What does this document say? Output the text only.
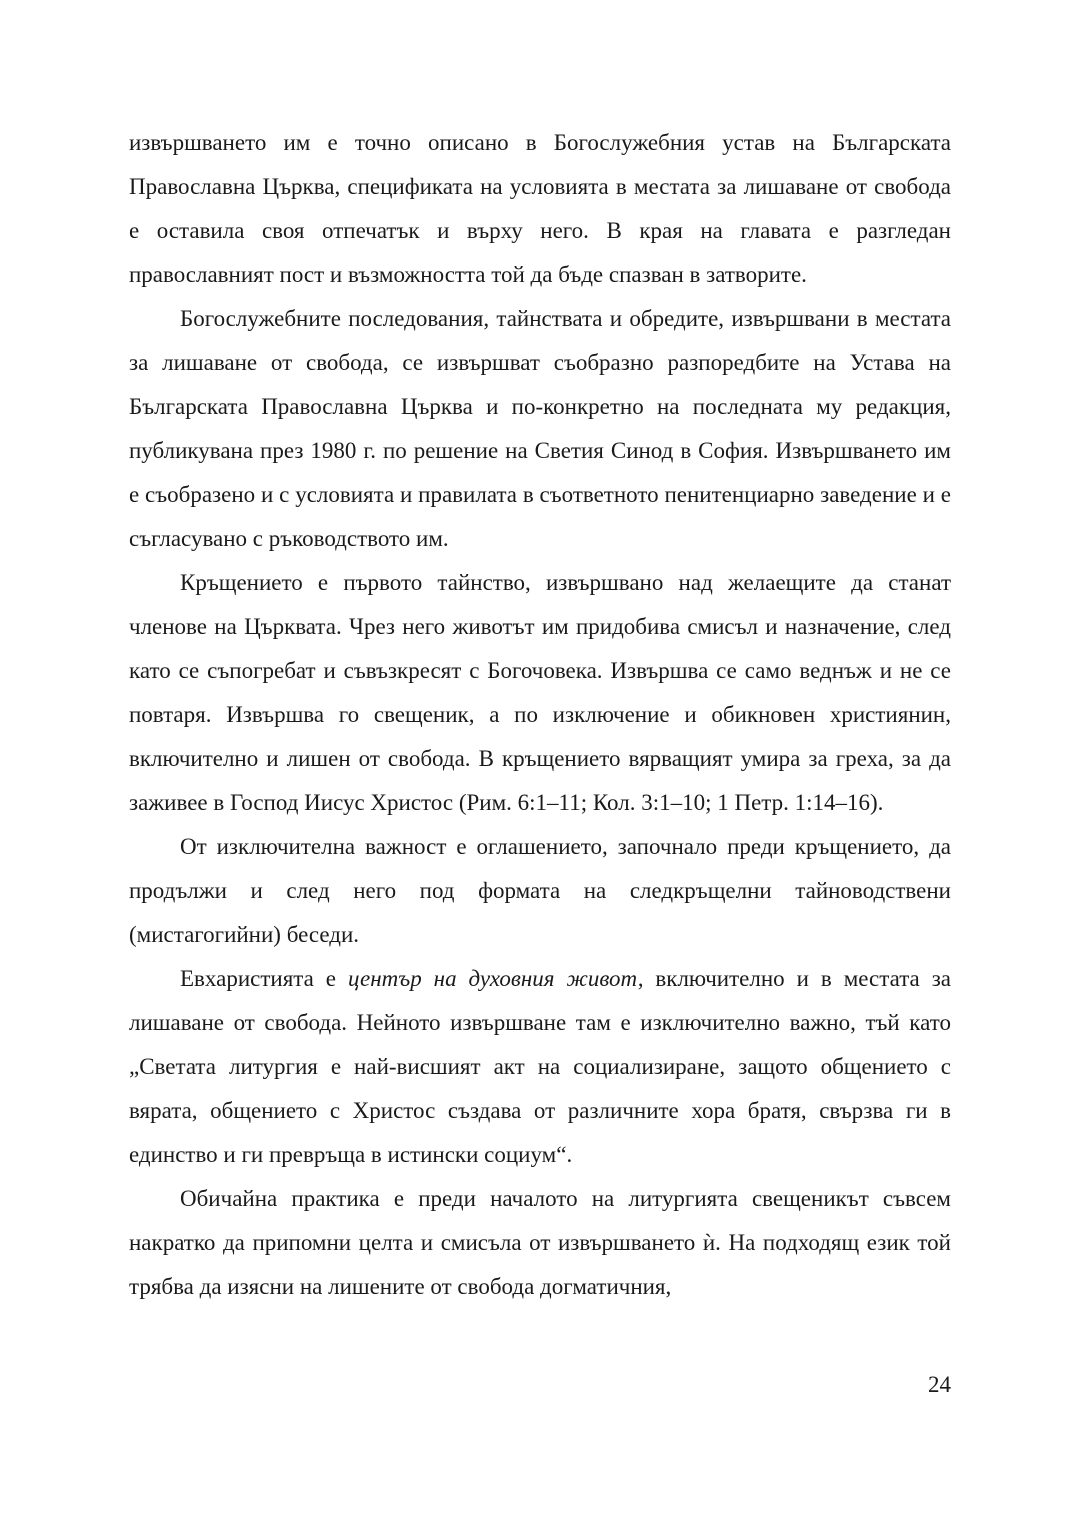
извършването им е точно описано в Богослужебния устав на Българската Православна Църква, спецификата на условията в местата за лишаване от свобода е оставила своя отпечатък и върху него. В края на главата е разгледан православният пост и възможността той да бъде спазван в затворите.

Богослужебните последования, тайнствата и обредите, извършвани в местата за лишаване от свобода, се извършват съобразно разпоредбите на Устава на Българската Православна Църква и по-конкретно на последната му редакция, публикувана през 1980 г. по решение на Светия Синод в София. Извършването им е съобразено и с условията и правилата в съответното пенитенциарно заведение и е съгласувано с ръководството им.

Кръщението е първото тайнство, извършвано над желаещите да станат членове на Църквата. Чрез него животът им придобива смисъл и назначение, след като се съпогребат и съвъзкресят с Богочовека. Извършва се само веднъж и не се повтаря. Извършва го свещеник, а по изключение и обикновен християнин, включително и лишен от свобода. В кръщението вярващият умира за греха, за да заживее в Господ Иисус Христос (Рим. 6:1–11; Кол. 3:1–10; 1 Петр. 1:14–16).

От изключителна важност е оглашението, започнало преди кръщението, да продължи и след него под формата на следкръщелни тайноводствени (мистагогийни) беседи.

Евхаристията е център на духовния живот, включително и в местата за лишаване от свобода. Нейното извършване там е изключително важно, тъй като „Светата литургия е най-висшият акт на социализиране, защото общението с вярата, общението с Христос създава от различните хора братя, свързва ги в единство и ги превръща в истински социум“.

Обичайна практика е преди началото на литургията свещеникът съвсем накратко да припомни целта и смисъла от извършването ѝ. На подходящ език той трябва да изясни на лишените от свобода догматичния,

24
